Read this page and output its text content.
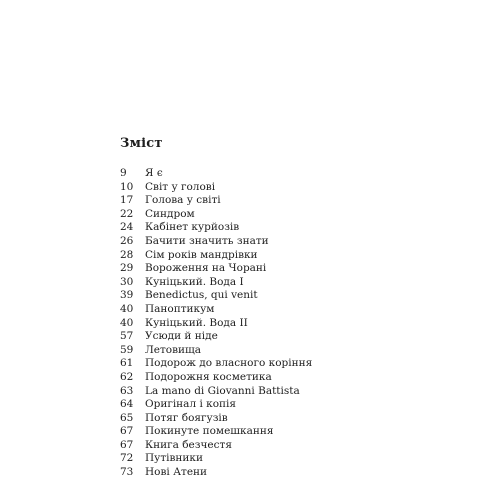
Зміст
9	Я є
10	Світ у голові
17	Голова у світі
22	Синдром
24	Кабінет курйозів
26	Бачити значить знати
28	Сім років мандрівки
29	Вороження на Чорані
30	Куніцький. Вода I
39	Benedictus, qui venit
40	Паноптикум
40	Куніцький. Вода II
57	Усюди й ніде
59	Летовища
61	Подорож до власного коріння
62	Подорожня косметика
63	La mano di Giovanni Battista
64	Оригінал і копія
65	Потяг боягузів
67	Покинуте помешкання
67	Книга безчестя
72	Путівники
73	Нові Атени
